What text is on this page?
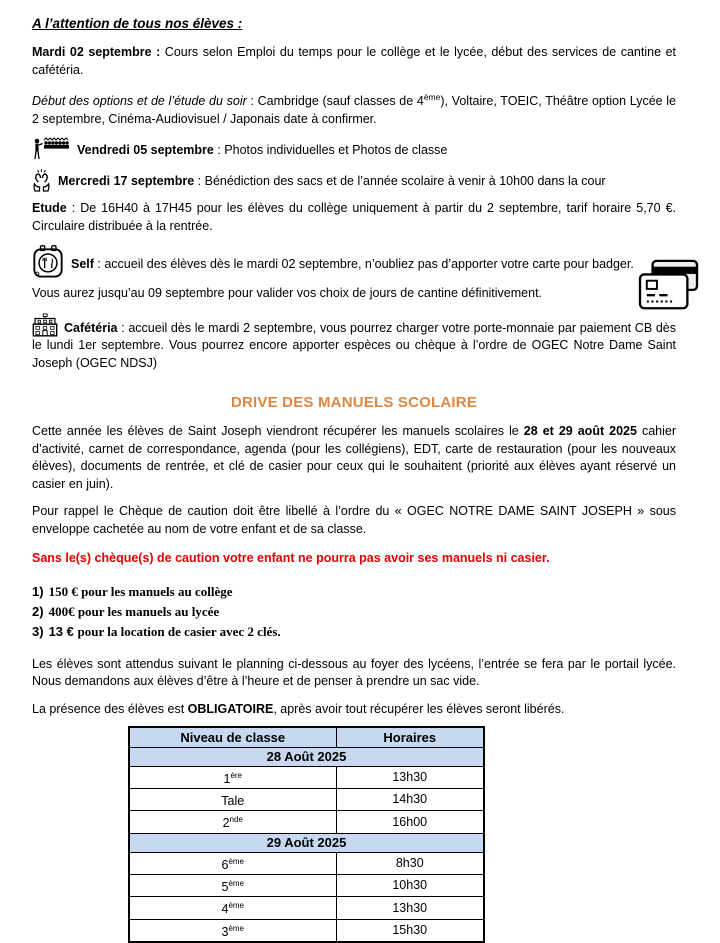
A l’attention de tous nos élèves :

Mardi 02 septembre : Cours selon Emploi du temps pour le collège et le lycée, début des services de cantine et cafétéria.

Début des options et de l’étude du soir : Cambridge (sauf classes de 4ème), Voltaire, TOEIC, Théâtre option Lycée le 2 septembre, Cinéma-Audiovisuel / Japonais date à confirmer.

Vendredi 05 septembre : Photos individuelles et Photos de classe

Mercredi 17 septembre : Bénédiction des sacs et de l’année scolaire à venir à 10h00 dans la cour

Etude : De 16H40 à 17H45 pour les élèves du collège uniquement à partir du 2 septembre, tarif horaire 5,70 €. Circulaire distribuée à la rentrée.

Self : accueil des élèves dès le mardi 02 septembre, n’oubliez pas d’apporter votre carte pour badger.

Vous aurez jusqu’au 09 septembre pour valider vos choix de jours de cantine définitivement.

Cafétéria : accueil dès le mardi 2 septembre, vous pourrez charger votre porte-monnaie par paiement CB dès le lundi 1er septembre. Vous pourrez encore apporter espèces ou chèque à l’ordre de OGEC Notre Dame Saint Joseph (OGEC NDSJ)

DRIVE DES MANUELS SCOLAIRE

Cette année les élèves de Saint Joseph viendront récupérer les manuels scolaires le 28 et 29 août 2025 cahier d’activité, carnet de correspondance, agenda (pour les collégiens), EDT, carte de restauration (pour les nouveaux élèves), documents de rentrée, et clé de casier pour ceux qui le souhaitent (priorité aux élèves ayant réservé un casier en juin).

Pour rappel le Chèque de caution doit être libellé à l’ordre du « OGEC NOTRE DAME SAINT JOSEPH » sous enveloppe cachetée au nom de votre enfant et de sa classe.

Sans le(s) chèque(s) de caution votre enfant ne pourra pas avoir ses manuels ni casier.

1) 150 € pour les manuels au collège
2) 400€ pour les manuels au lycée
3) 13 € pour la location de casier avec 2 clés.

Les élèves sont attendus suivant le planning ci-dessous au foyer des lycéens, l’entrée se fera par le portail lycée. Nous demandons aux élèves d’être à l’heure et de penser à prendre un sac vide.

La présence des élèves est OBLIGATOIRE, après avoir tout récupérer les élèves seront libérés.

Niveau de classe	Horaires
28 Août 2025	
1ère	13h30
Tale	14h30
2nde	16h00
29 Août 2025	
6ème	8h30
5ème	10h30
4ème	13h30
3ème	15h30
